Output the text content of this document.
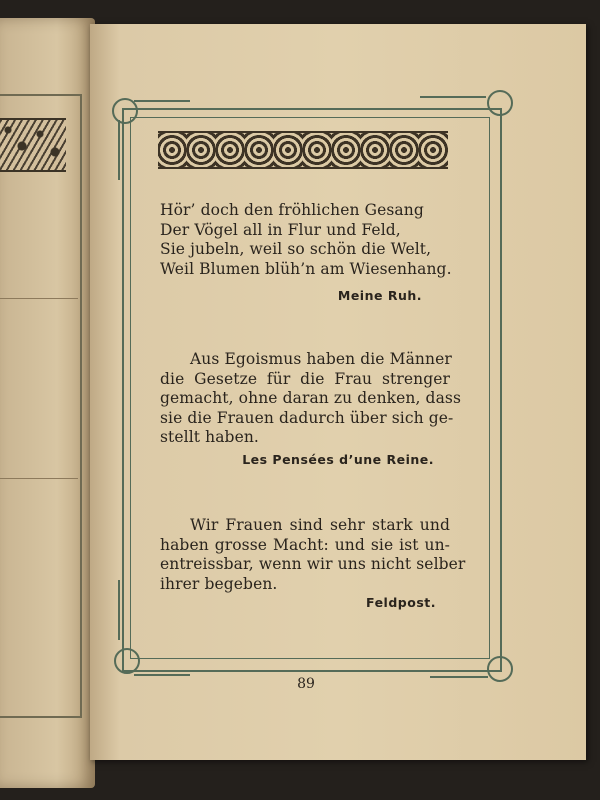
Hör’ doch den fröhlichen Gesang
Der Vögel all in Flur und Feld,
Sie jubeln, weil so schön die Welt,
Weil Blumen blüh’n am Wiesenhang.
Meine Ruh.
Aus Egoismus haben die Männer
die Gesetze für die Frau strenger
gemacht, ohne daran zu denken, dass
sie die Frauen dadurch über sich ge-
stellt haben.
Les Pensées d’une Reine.
Wir Frauen sind sehr stark und
haben grosse Macht: und sie ist un-
entreissbar, wenn wir uns nicht selber
ihrer begeben.
Feldpost.
89
